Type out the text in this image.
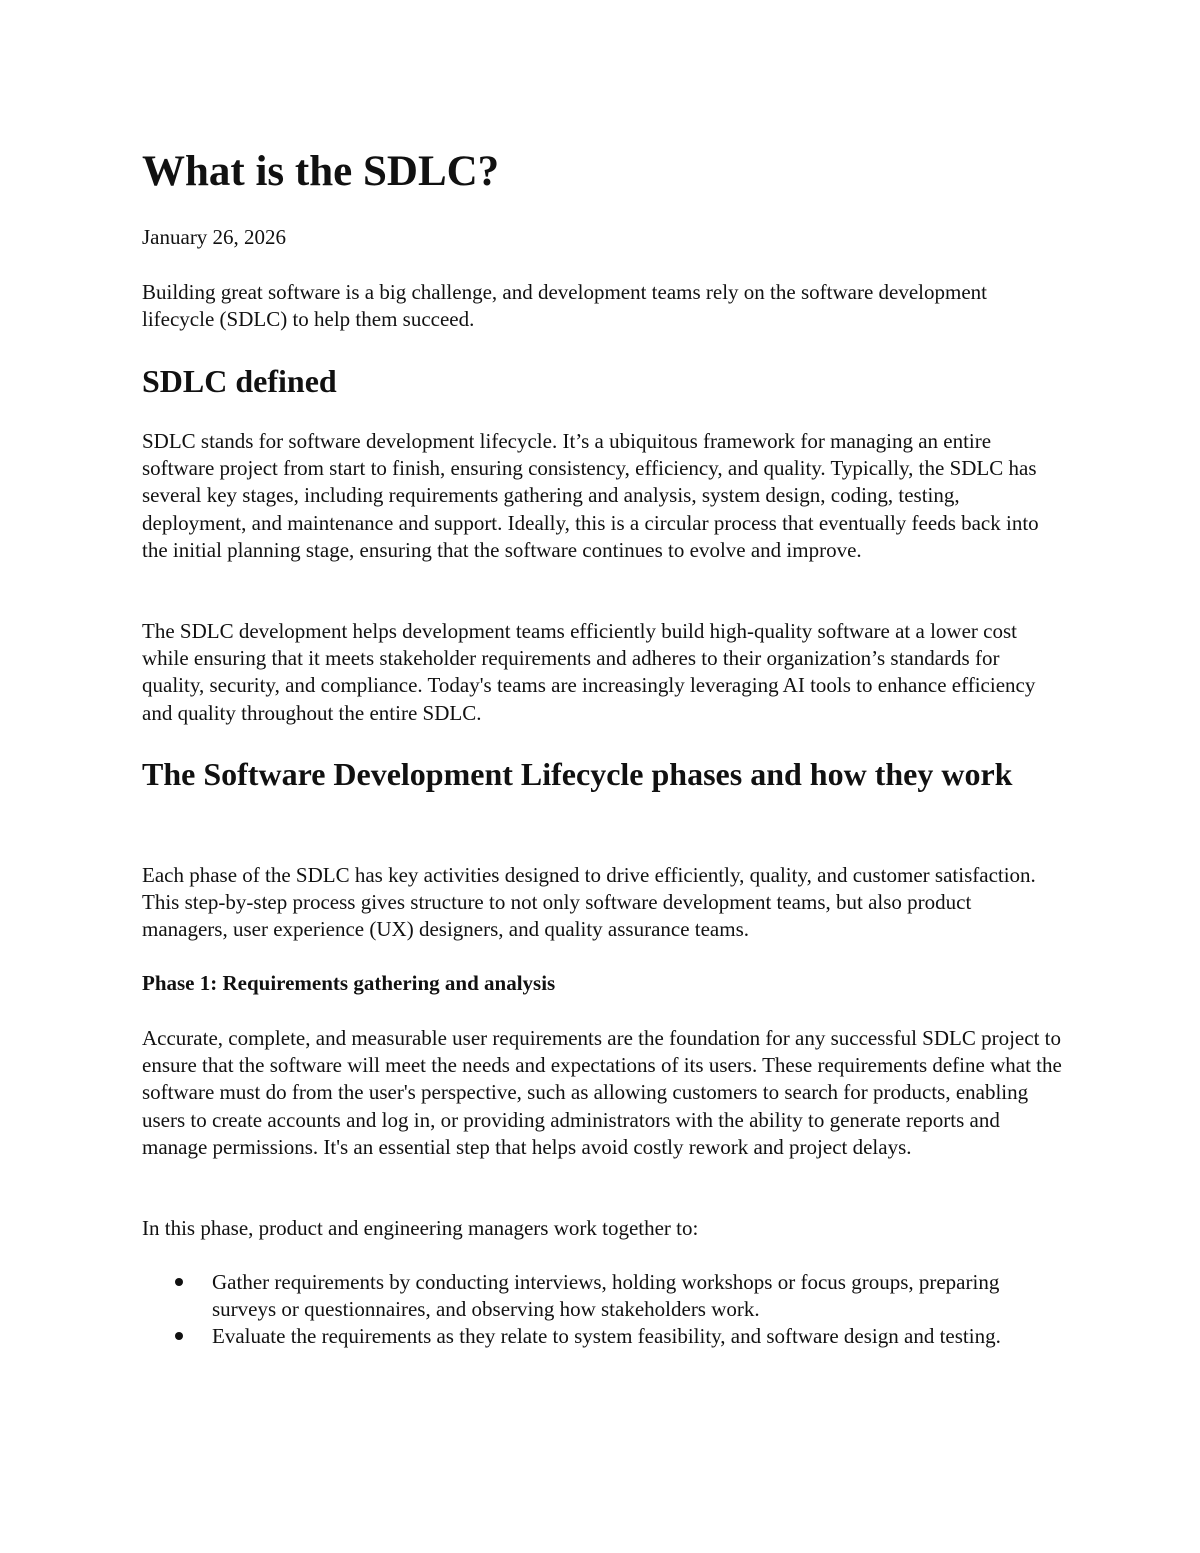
What is the SDLC?

January 26, 2026

Building great software is a big challenge, and development teams rely on the software development lifecycle (SDLC) to help them succeed.

SDLC defined

SDLC stands for software development lifecycle. It’s a ubiquitous framework for managing an entire software project from start to finish, ensuring consistency, efficiency, and quality. Typically, the SDLC has several key stages, including requirements gathering and analysis, system design, coding, testing, deployment, and maintenance and support. Ideally, this is a circular process that eventually feeds back into the initial planning stage, ensuring that the software continues to evolve and improve.

The SDLC development helps development teams efficiently build high-quality software at a lower cost while ensuring that it meets stakeholder requirements and adheres to their organization’s standards for quality, security, and compliance. Today's teams are increasingly leveraging AI tools to enhance efficiency and quality throughout the entire SDLC.

The Software Development Lifecycle phases and how they work

Each phase of the SDLC has key activities designed to drive efficiently, quality, and customer satisfaction. This step-by-step process gives structure to not only software development teams, but also product managers, user experience (UX) designers, and quality assurance teams.

Phase 1: Requirements gathering and analysis

Accurate, complete, and measurable user requirements are the foundation for any successful SDLC project to ensure that the software will meet the needs and expectations of its users. These requirements define what the software must do from the user's perspective, such as allowing customers to search for products, enabling users to create accounts and log in, or providing administrators with the ability to generate reports and manage permissions. It's an essential step that helps avoid costly rework and project delays.

In this phase, product and engineering managers work together to:

Gather requirements by conducting interviews, holding workshops or focus groups, preparing surveys or questionnaires, and observing how stakeholders work.
Evaluate the requirements as they relate to system feasibility, and software design and testing.
